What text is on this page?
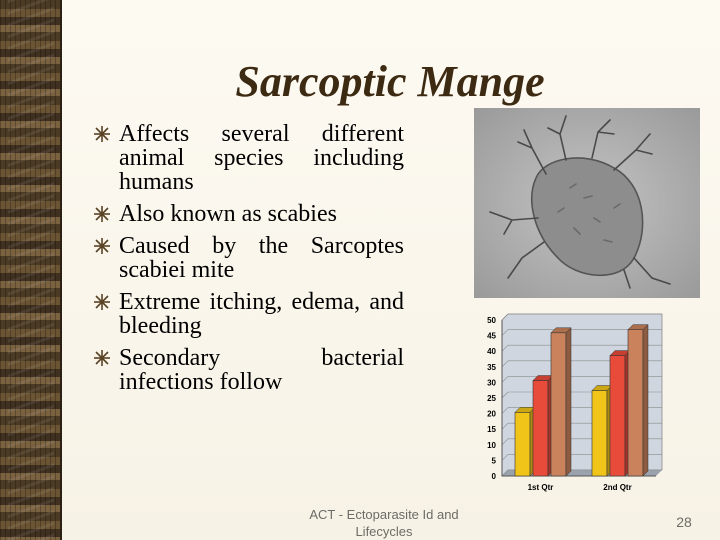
Sarcoptic Mange
Affects several different animal species including humans
Also known as scabies
Caused by the Sarcoptes scabiei mite
Extreme itching, edema, and bleeding
Secondary bacterial infections follow
0
5
10
15
20
25
30
35
40
45
50
1st Qtr	2nd Qtr
ACT - Ectoparasite Id and Lifecycles
28
